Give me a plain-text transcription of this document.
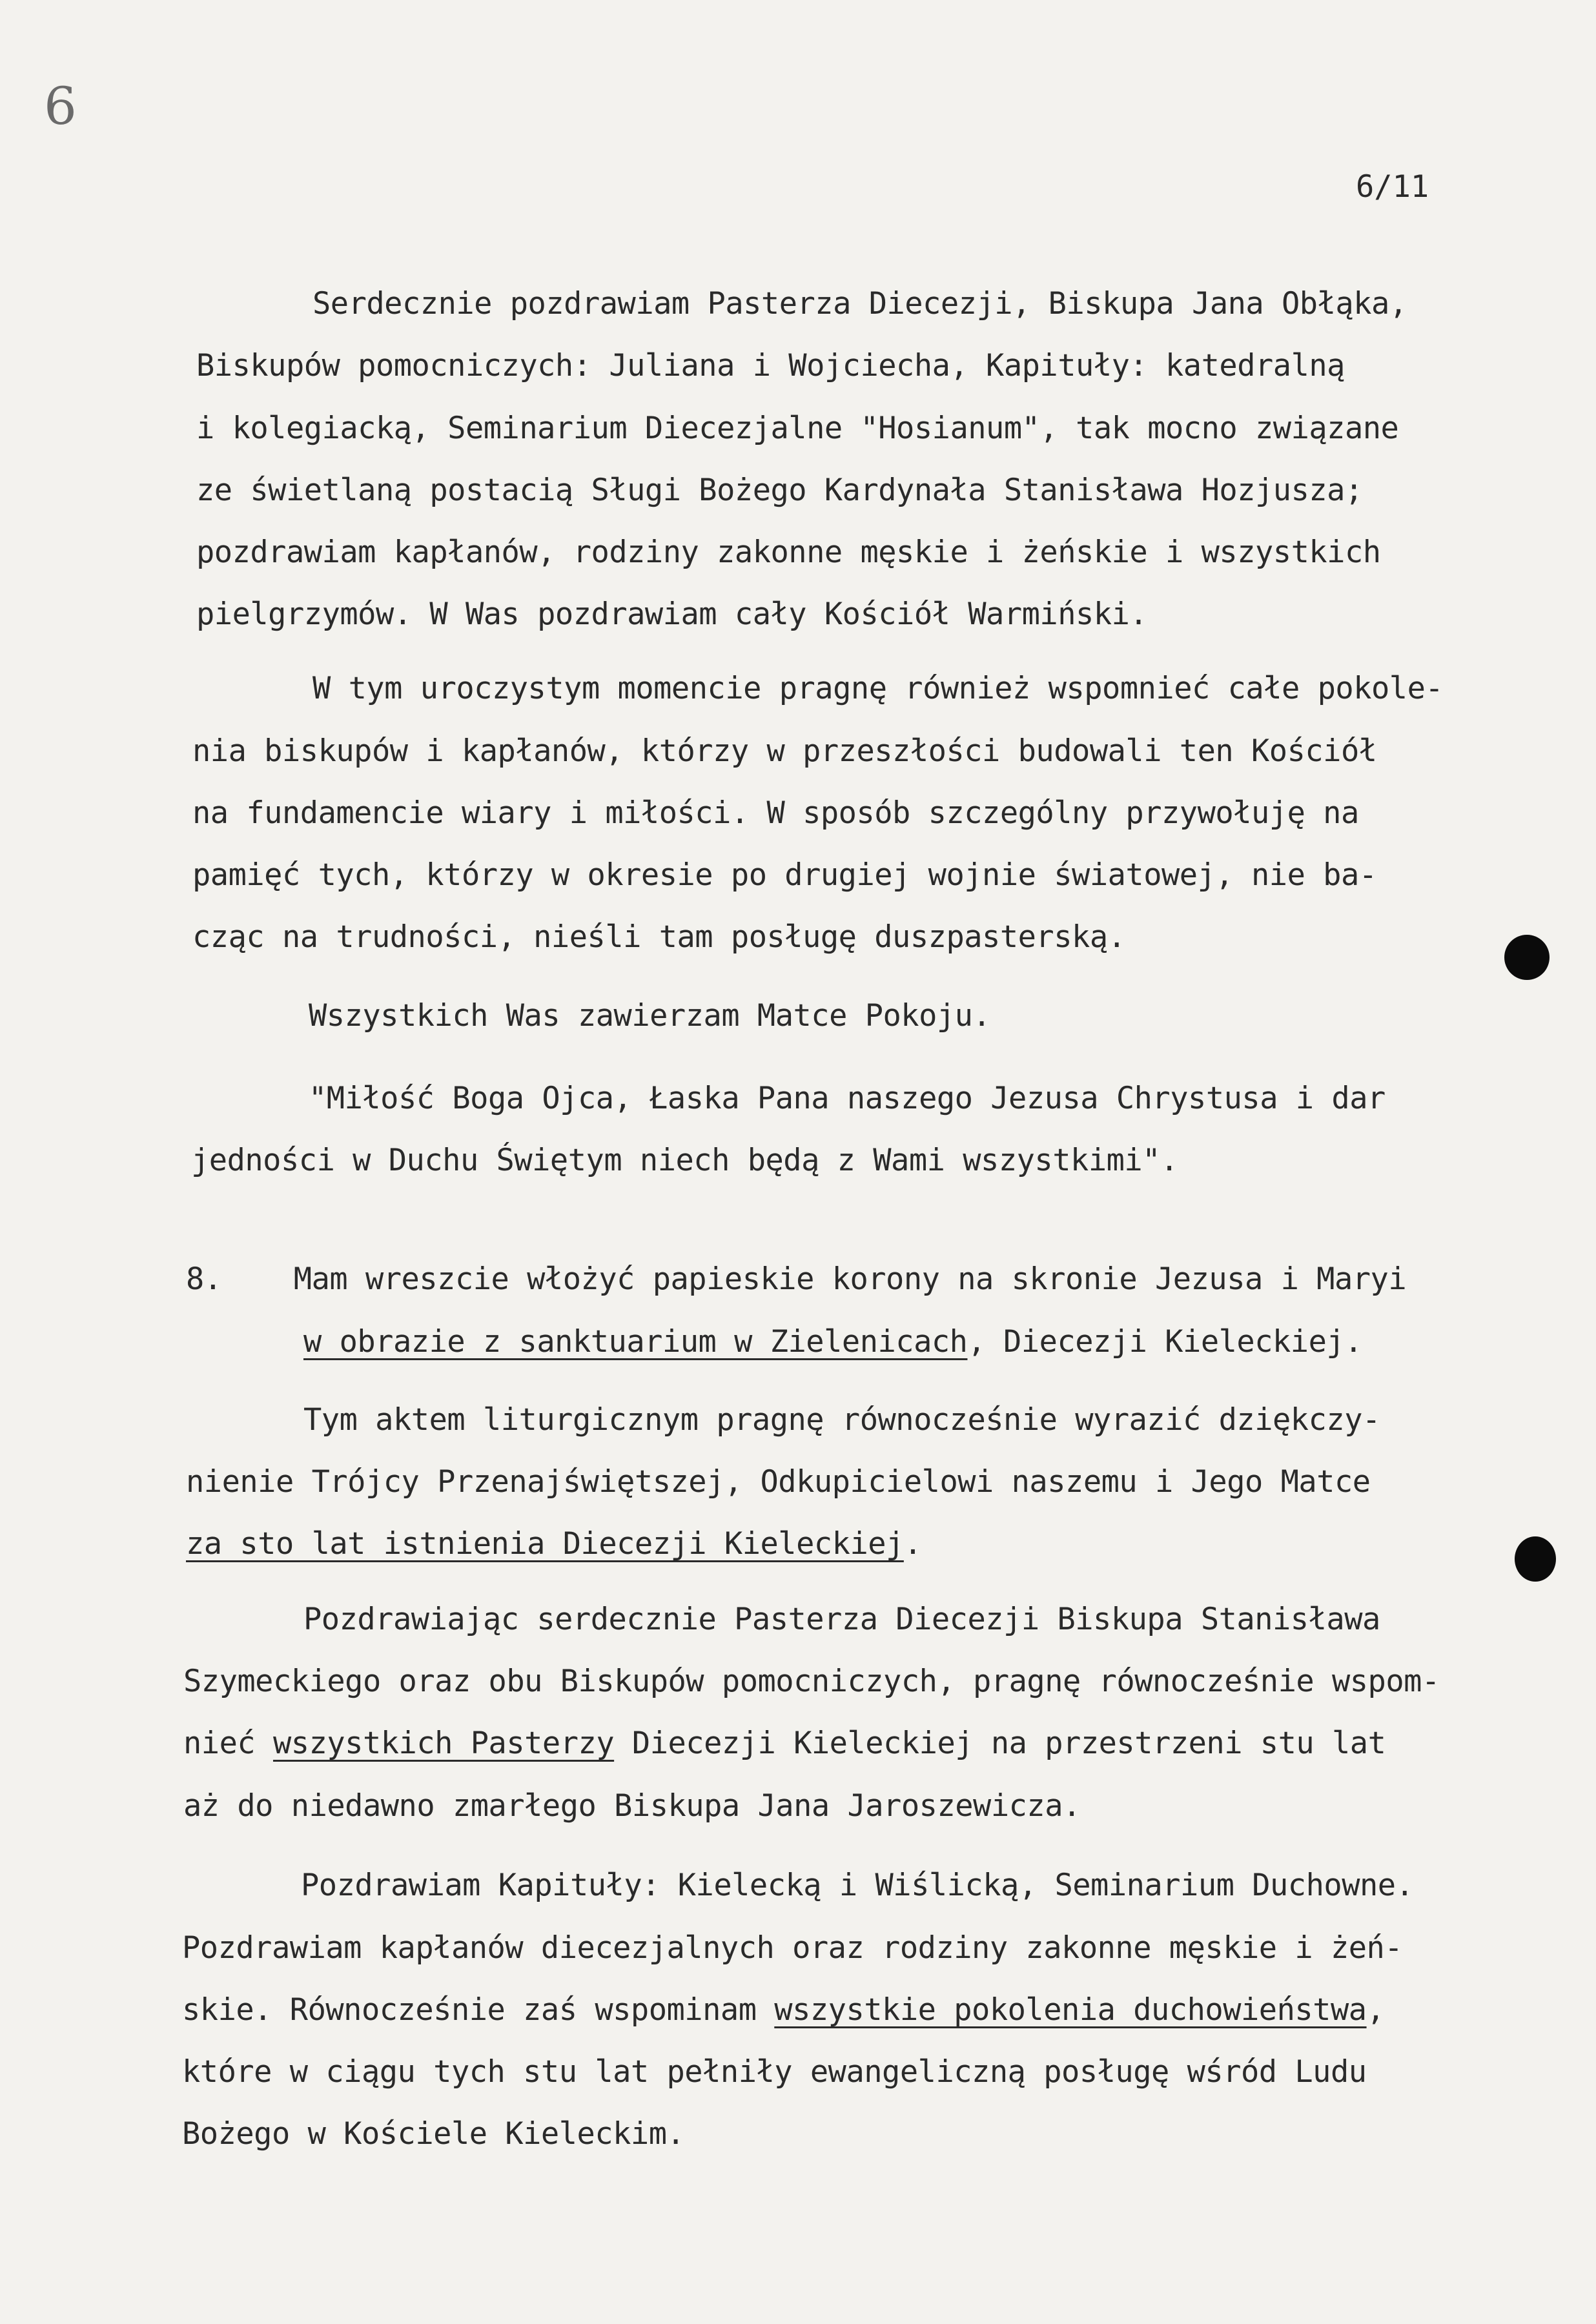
6
6/11
Serdecznie pozdrawiam Pasterza Diecezji, Biskupa Jana Obłąka,
Biskupów pomocniczych: Juliana i Wojciecha, Kapituły: katedralną
i kolegiacką, Seminarium Diecezjalne "Hosianum", tak mocno związane
ze świetlaną postacią Sługi Bożego Kardynała Stanisława Hozjusza;
pozdrawiam kapłanów, rodziny zakonne męskie i żeńskie i wszystkich
pielgrzymów. W Was pozdrawiam cały Kościół Warmiński.
W tym uroczystym momencie pragnę również wspomnieć całe pokole-
nia biskupów i kapłanów, którzy w przeszłości budowali ten Kościół
na fundamencie wiary i miłości. W sposób szczególny przywołuję na
pamięć tych, którzy w okresie po drugiej wojnie światowej, nie ba-
cząc na trudności, nieśli tam posługę duszpasterską.
Wszystkich Was zawierzam Matce Pokoju.
"Miłość Boga Ojca, Łaska Pana naszego Jezusa Chrystusa i dar
jedności w Duchu Świętym niech będą z Wami wszystkimi".
8.    Mam wreszcie włożyć papieskie korony na skronie Jezusa i Maryi
w obrazie z sanktuarium w Zielenicach, Diecezji Kieleckiej.
Tym aktem liturgicznym pragnę równocześnie wyrazić dziękczy-
nienie Trójcy Przenajświętszej, Odkupicielowi naszemu i Jego Matce
za sto lat istnienia Diecezji Kieleckiej.
Pozdrawiając serdecznie Pasterza Diecezji Biskupa Stanisława
Szymeckiego oraz obu Biskupów pomocniczych, pragnę równocześnie wspom-
nieć wszystkich Pasterzy Diecezji Kieleckiej na przestrzeni stu lat
aż do niedawno zmarłego Biskupa Jana Jaroszewicza.
Pozdrawiam Kapituły: Kielecką i Wiślicką, Seminarium Duchowne.
Pozdrawiam kapłanów diecezjalnych oraz rodziny zakonne męskie i żeń-
skie. Równocześnie zaś wspominam wszystkie pokolenia duchowieństwa,
które w ciągu tych stu lat pełniły ewangeliczną posługę wśród Ludu
Bożego w Kościele Kieleckim.
